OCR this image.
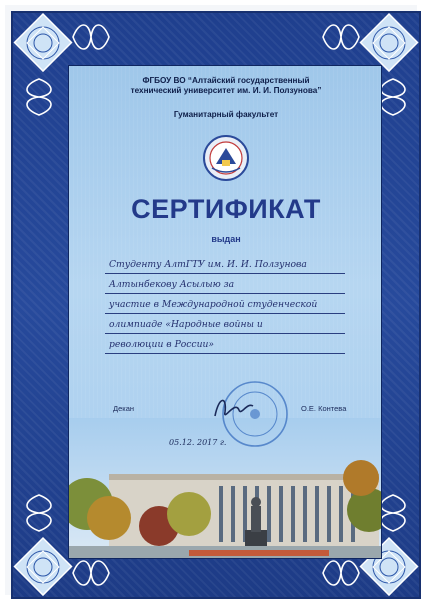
ФГБОУ ВО “Алтайский государственный
технический университет им. И. И. Ползунова”
Гуманитарный факультет
СЕРТИФИКАТ
выдан
Студенту АлтГТУ им. И. И. Ползунова
Алтынбекову Асылыю за
участие в Международной студенческой
олимпиаде «Народные войны и
революции в России»
Декан	О.Е. Контева
05.12. 2017 г.
